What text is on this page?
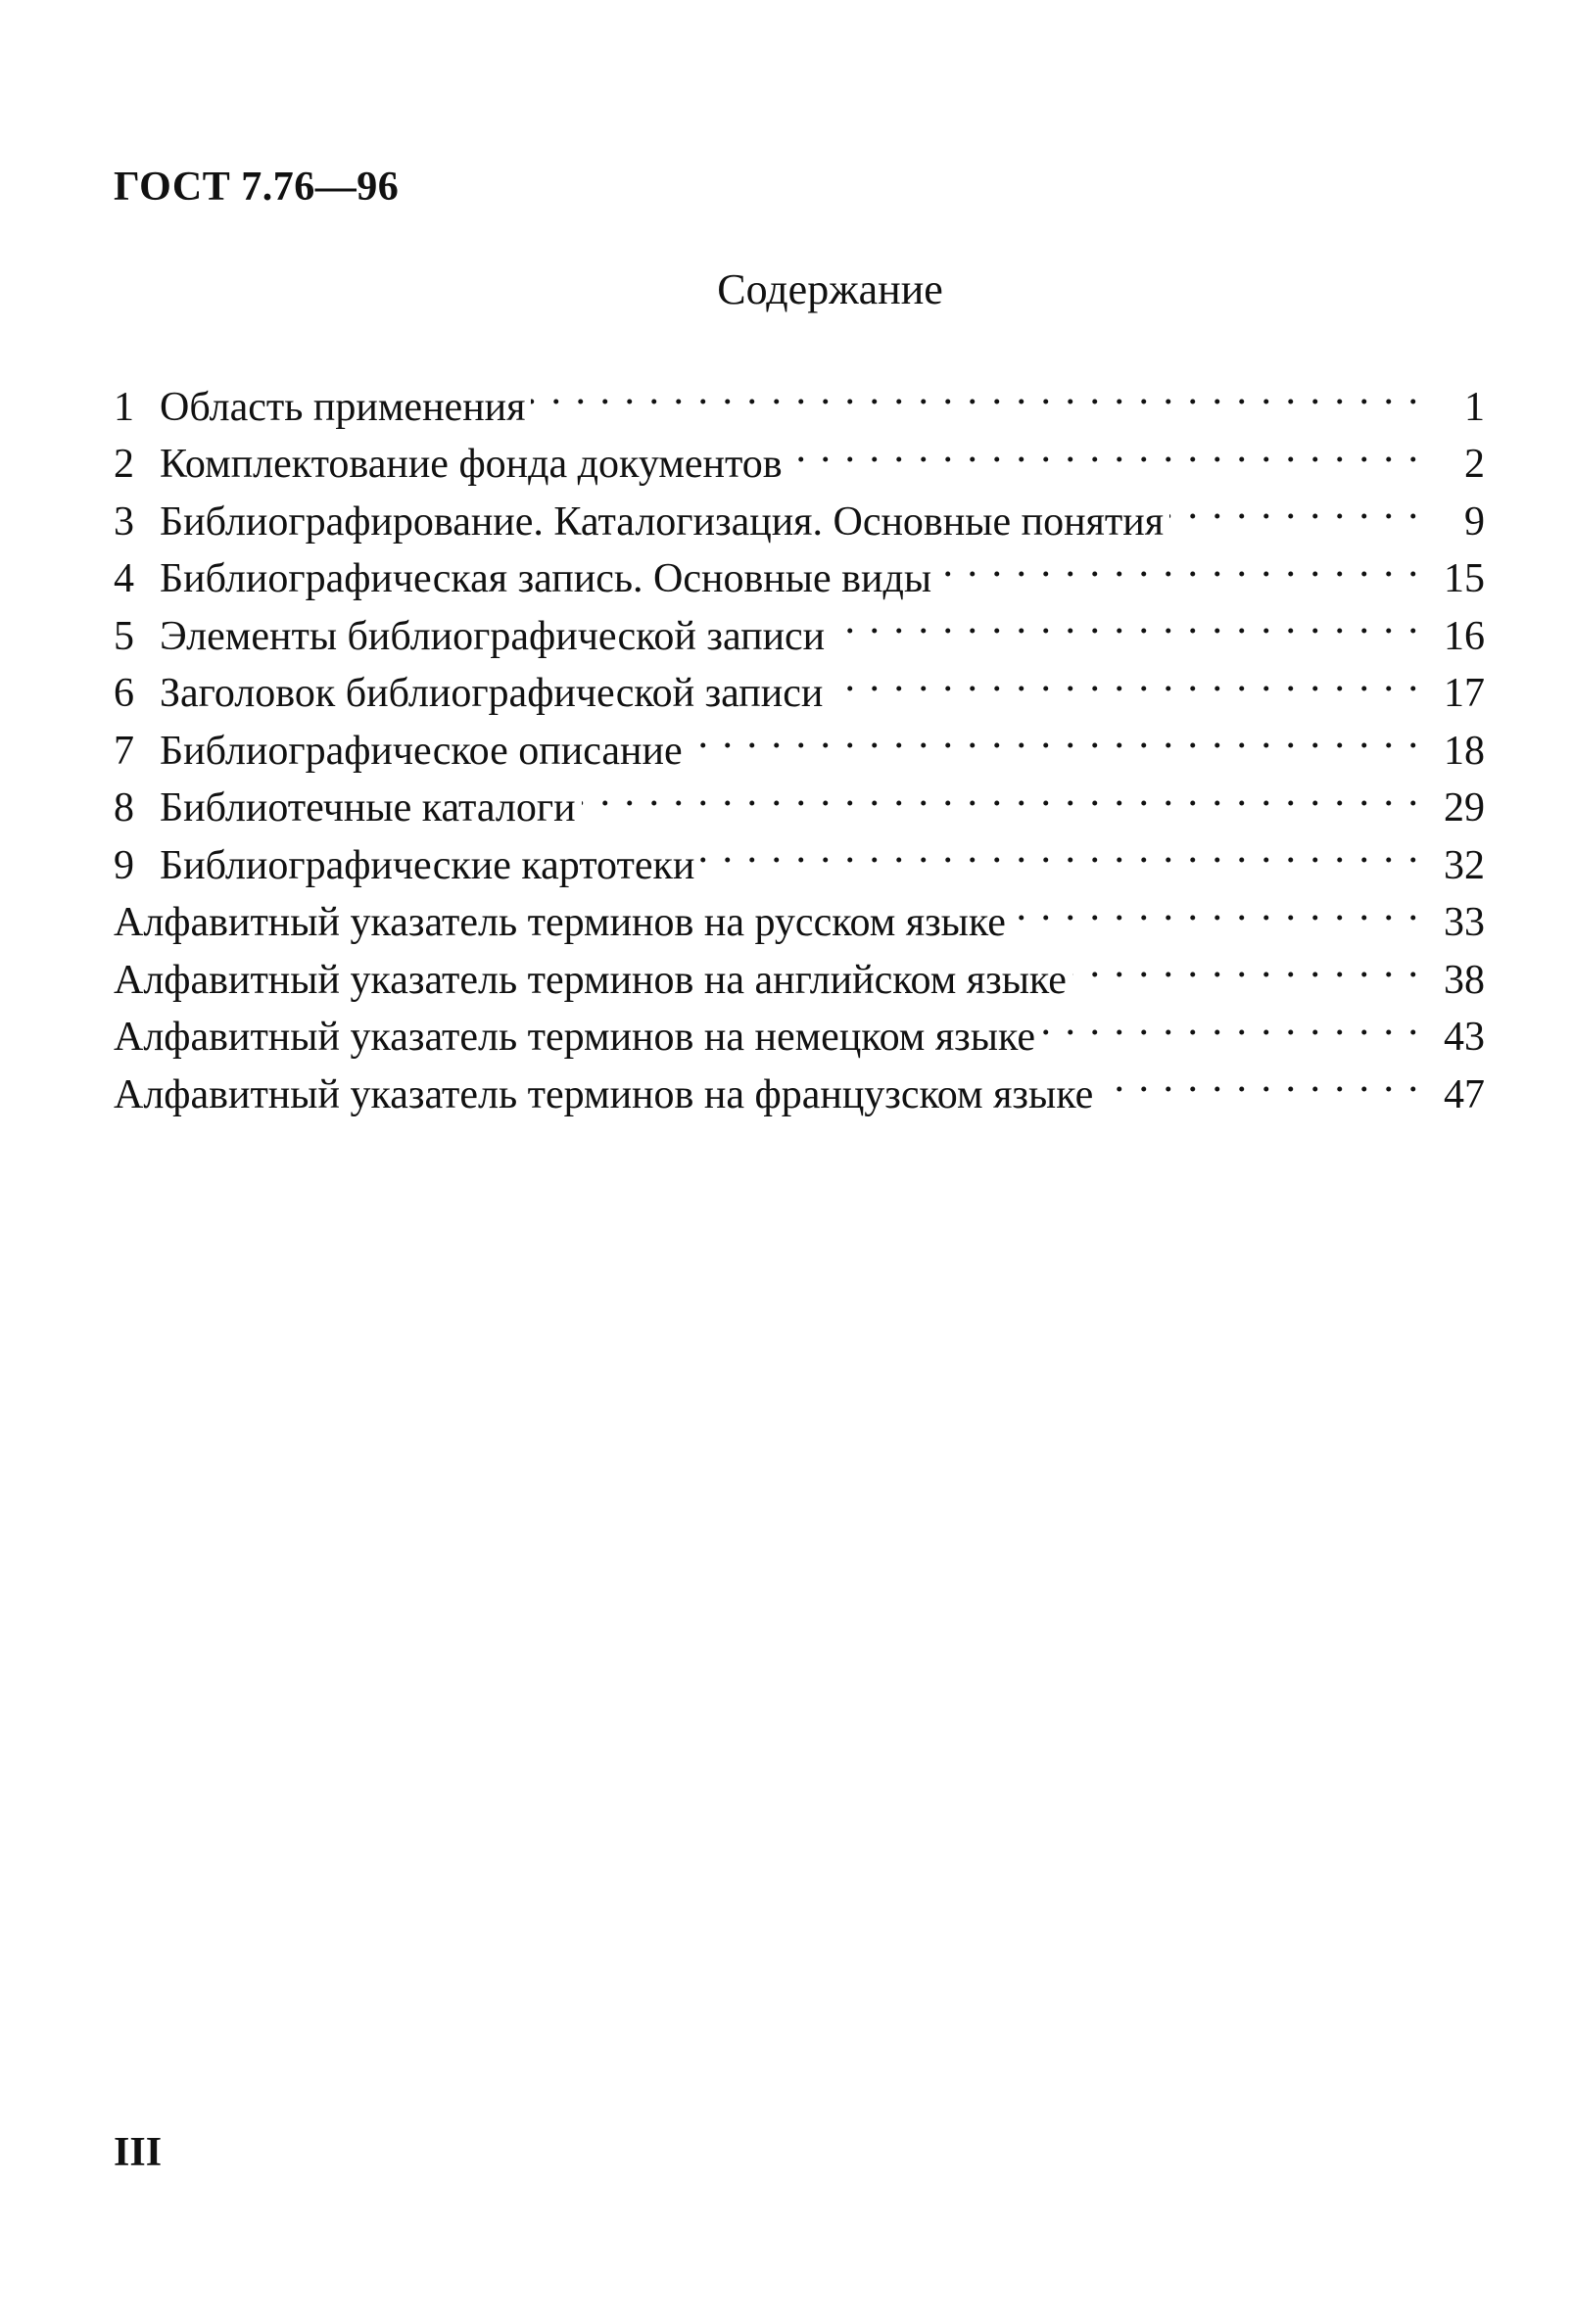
ГОСТ 7.76—96
Содержание
1 Область применения . . .	1
2 Комплектование фонда документов . . .	2
3 Библиографирование. Каталогизация. Основные понятия . . .	9
4 Библиографическая запись. Основные виды . . .	15
5 Элементы библиографической записи . . .	16
6 Заголовок библиографической записи . . .	17
7 Библиографическое описание . . .	18
8 Библиотечные каталоги . . .	29
9 Библиографические картотеки . . .	32
Алфавитный указатель терминов на русском языке . . .	33
Алфавитный указатель терминов на английском языке . . .	38
Алфавитный указатель терминов на немецком языке . . .	43
Алфавитный указатель терминов на французском языке . . .	47
III
